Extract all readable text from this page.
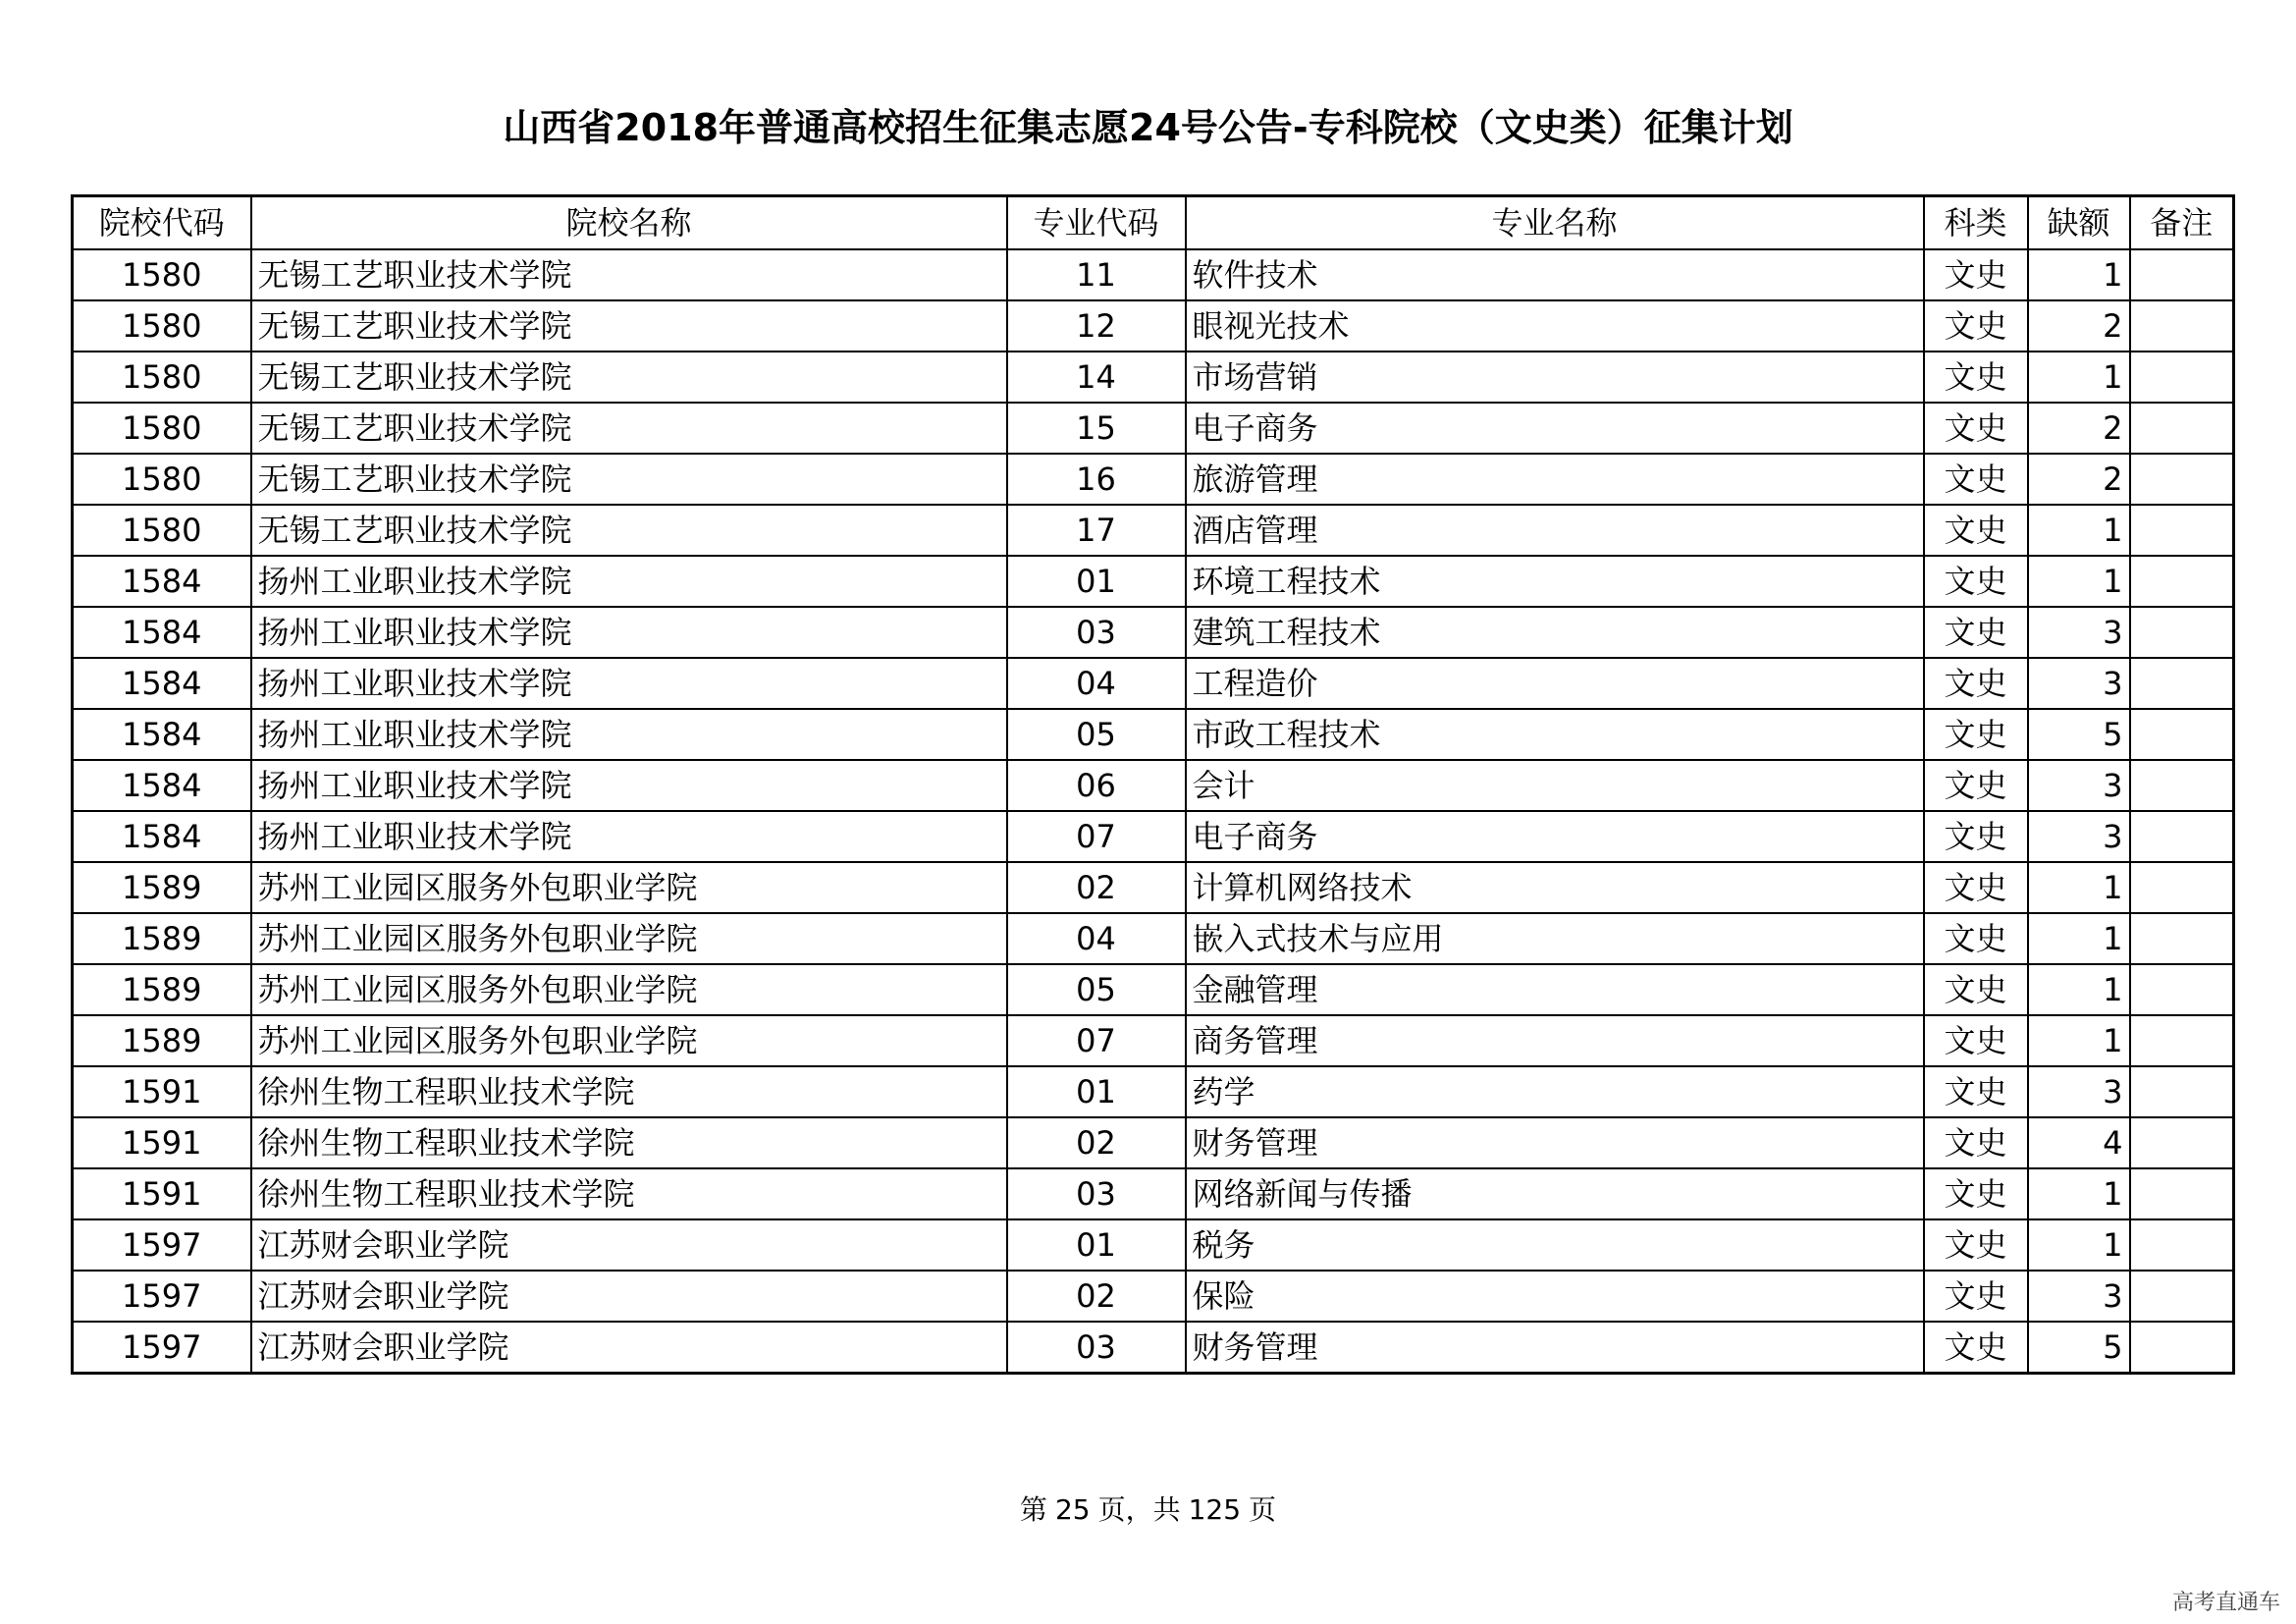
山西省2018年普通高校招生征集志愿24号公告-专科院校（文史类）征集计划
院校代码	院校名称	专业代码	专业名称	科类	缺额	备注
1580	无锡工艺职业技术学院	11	软件技术	文史	1	
1580	无锡工艺职业技术学院	12	眼视光技术	文史	2	
1580	无锡工艺职业技术学院	14	市场营销	文史	1	
1580	无锡工艺职业技术学院	15	电子商务	文史	2	
1580	无锡工艺职业技术学院	16	旅游管理	文史	2	
1580	无锡工艺职业技术学院	17	酒店管理	文史	1	
1584	扬州工业职业技术学院	01	环境工程技术	文史	1	
1584	扬州工业职业技术学院	03	建筑工程技术	文史	3	
1584	扬州工业职业技术学院	04	工程造价	文史	3	
1584	扬州工业职业技术学院	05	市政工程技术	文史	5	
1584	扬州工业职业技术学院	06	会计	文史	3	
1584	扬州工业职业技术学院	07	电子商务	文史	3	
1589	苏州工业园区服务外包职业学院	02	计算机网络技术	文史	1	
1589	苏州工业园区服务外包职业学院	04	嵌入式技术与应用	文史	1	
1589	苏州工业园区服务外包职业学院	05	金融管理	文史	1	
1589	苏州工业园区服务外包职业学院	07	商务管理	文史	1	
1591	徐州生物工程职业技术学院	01	药学	文史	3	
1591	徐州生物工程职业技术学院	02	财务管理	文史	4	
1591	徐州生物工程职业技术学院	03	网络新闻与传播	文史	1	
1597	江苏财会职业学院	01	税务	文史	1	
1597	江苏财会职业学院	02	保险	文史	3	
1597	江苏财会职业学院	03	财务管理	文史	5	
第 25 页，共 125 页
高考直通车
